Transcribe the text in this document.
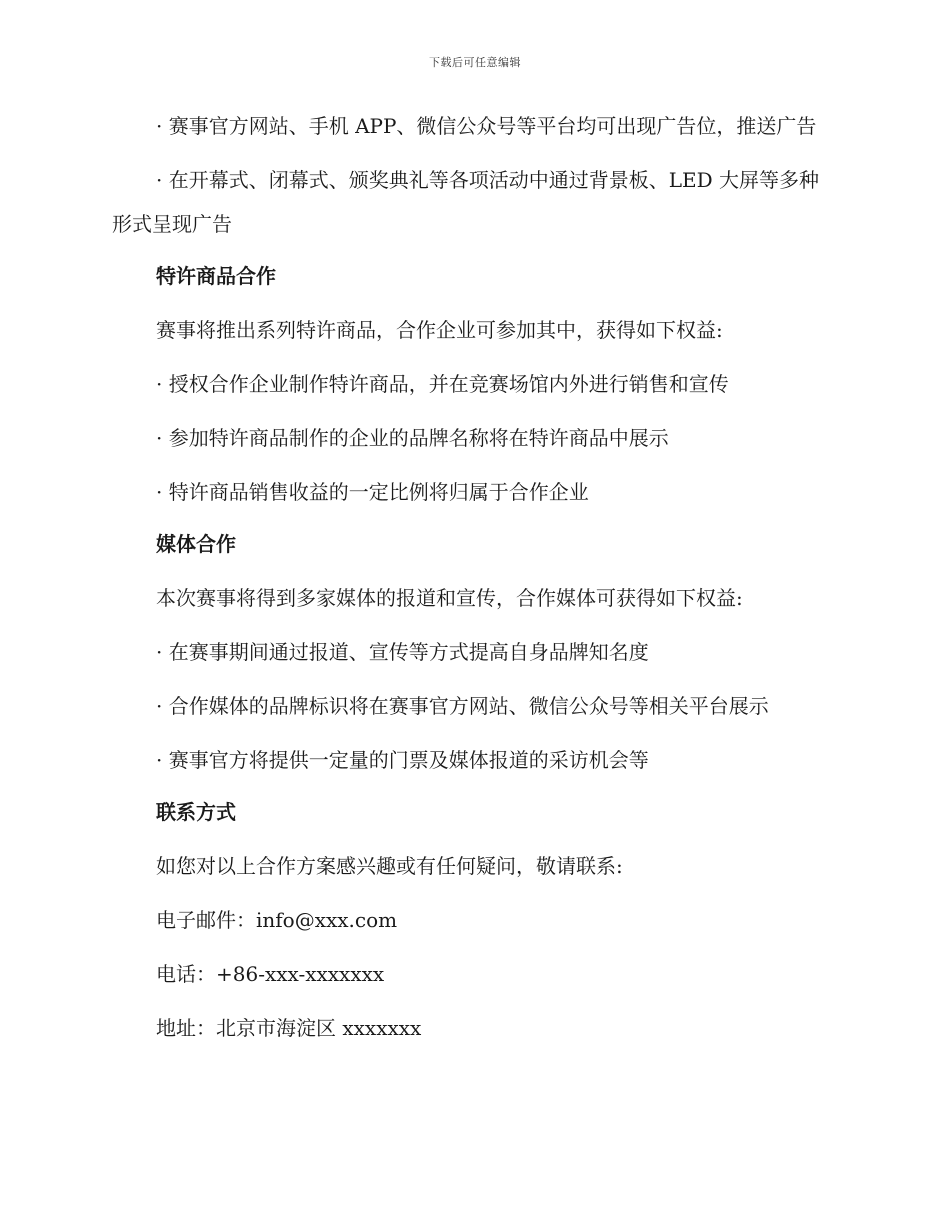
下载后可任意编辑

· 赛事官方网站、手机 APP、微信公众号等平台均可出现广告位，推送广告

· 在开幕式、闭幕式、颁奖典礼等各项活动中通过背景板、LED 大屏等多种形式呈现广告

特许商品合作
赛事将推出系列特许商品，合作企业可参加其中，获得如下权益:
· 授权合作企业制作特许商品，并在竞赛场馆内外进行销售和宣传
· 参加特许商品制作的企业的品牌名称将在特许商品中展示
· 特许商品销售收益的一定比例将归属于合作企业
媒体合作
本次赛事将得到多家媒体的报道和宣传，合作媒体可获得如下权益:
· 在赛事期间通过报道、宣传等方式提高自身品牌知名度
· 合作媒体的品牌标识将在赛事官方网站、微信公众号等相关平台展示
· 赛事官方将提供一定量的门票及媒体报道的采访机会等
联系方式
如您对以上合作方案感兴趣或有任何疑问，敬请联系:
电子邮件：info@xxx.com
电话：+86-xxx-xxxxxxx
地址：北京市海淀区 xxxxxxx
